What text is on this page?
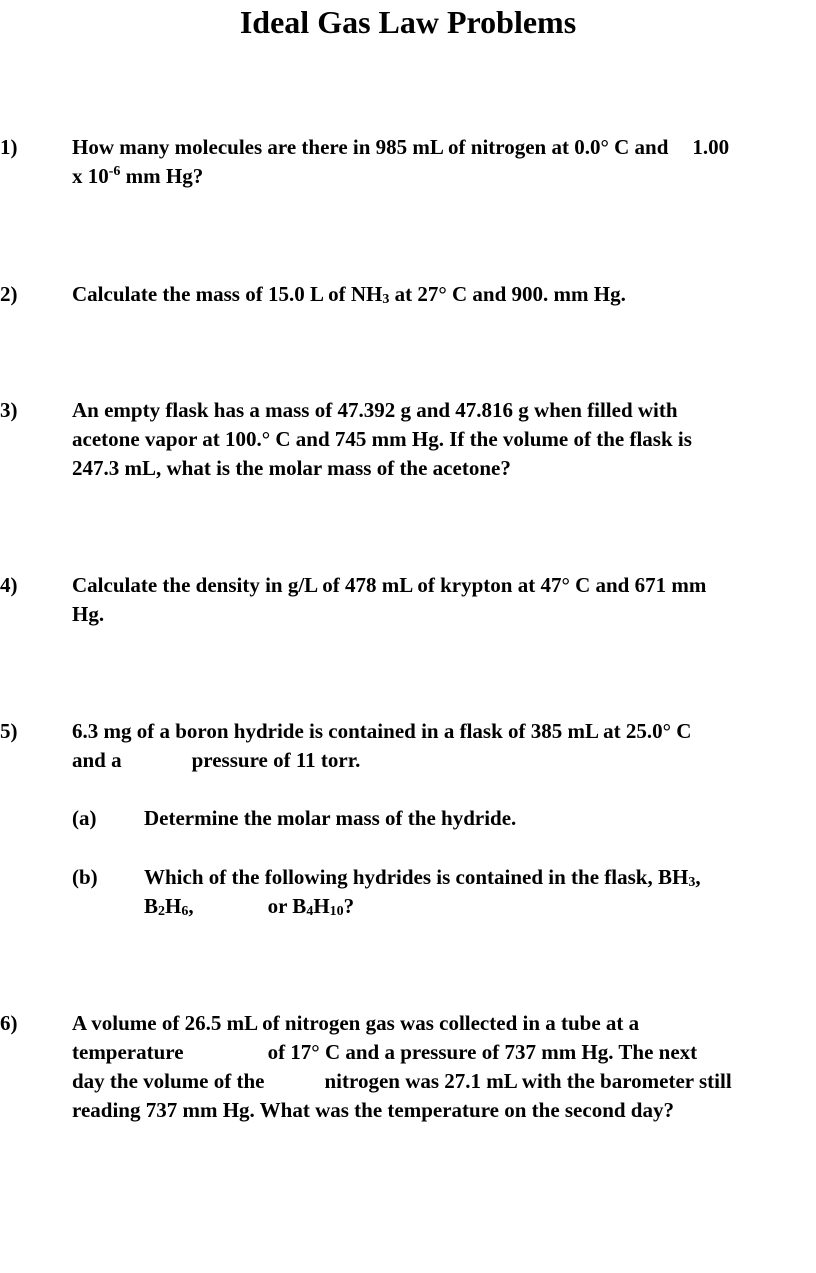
Ideal Gas Law Problems
1)	How many molecules are there in 985 mL of nitrogen at 0.0° C and 1.00
x $10^{-6}$ mm Hg?
2)	Calculate the mass of 15.0 L of $NH_3$ at 27° C and 900. mm Hg.
3)	An empty flask has a mass of 47.392 g and 47.816 g when filled with
acetone vapor at 100.° C and 745 mm Hg. If the volume of the flask is
247.3 mL, what is the molar mass of the acetone?
4)	Calculate the density in g/L of 478 mL of krypton at 47° C and 671 mm
Hg.
5)	6.3 mg of a boron hydride is contained in a flask of 385 mL at 25.0° C
and a	pressure of 11 torr.
(a) Determine the molar mass of the hydride.
(b) Which of the following hydrides is contained in the flask, $BH_3$,
$B_2H_6$,	or $B_4H_{10}$?
6)	A volume of 26.5 mL of nitrogen gas was collected in a tube at a
temperature	of 17° C and a pressure of 737 mm Hg. The next
day the volume of the	nitrogen was 27.1 mL with the barometer still
reading 737 mm Hg. What was the temperature on the second day?
